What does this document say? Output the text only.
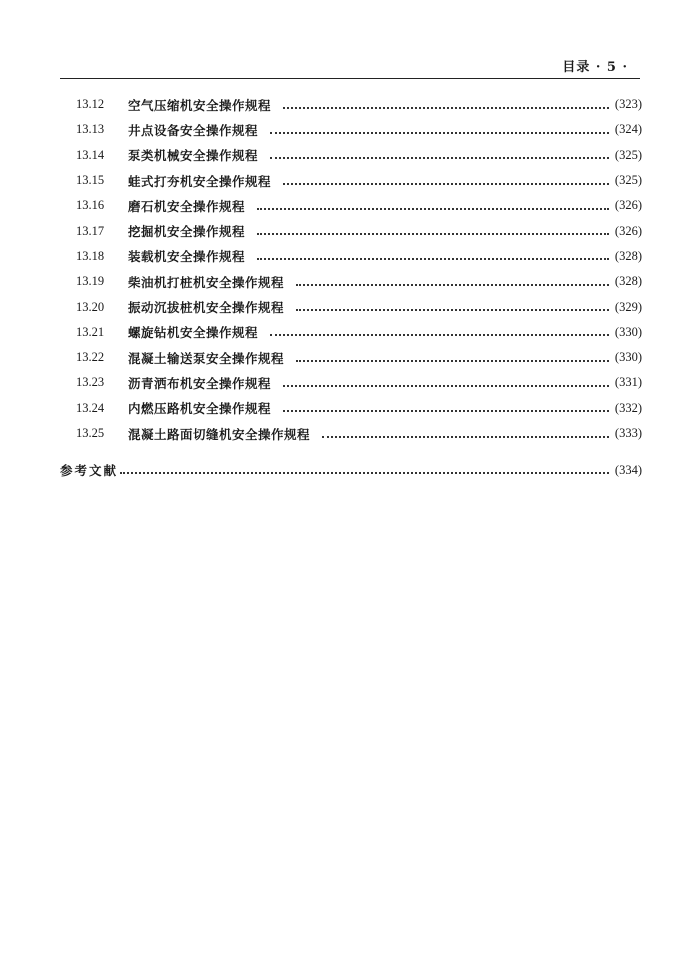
目录 · 5 ·
13.12	空气压缩机安全操作规程	(323)
13.13	井点设备安全操作规程	(324)
13.14	泵类机械安全操作规程	(325)
13.15	蛙式打夯机安全操作规程	(325)
13.16	磨石机安全操作规程	(326)
13.17	挖掘机安全操作规程	(326)
13.18	装载机安全操作规程	(328)
13.19	柴油机打桩机安全操作规程	(328)
13.20	振动沉拔桩机安全操作规程	(329)
13.21	螺旋钻机安全操作规程	(330)
13.22	混凝土输送泵安全操作规程	(330)
13.23	沥青洒布机安全操作规程	(331)
13.24	内燃压路机安全操作规程	(332)
13.25	混凝土路面切缝机安全操作规程	(333)
参考文献	(334)
